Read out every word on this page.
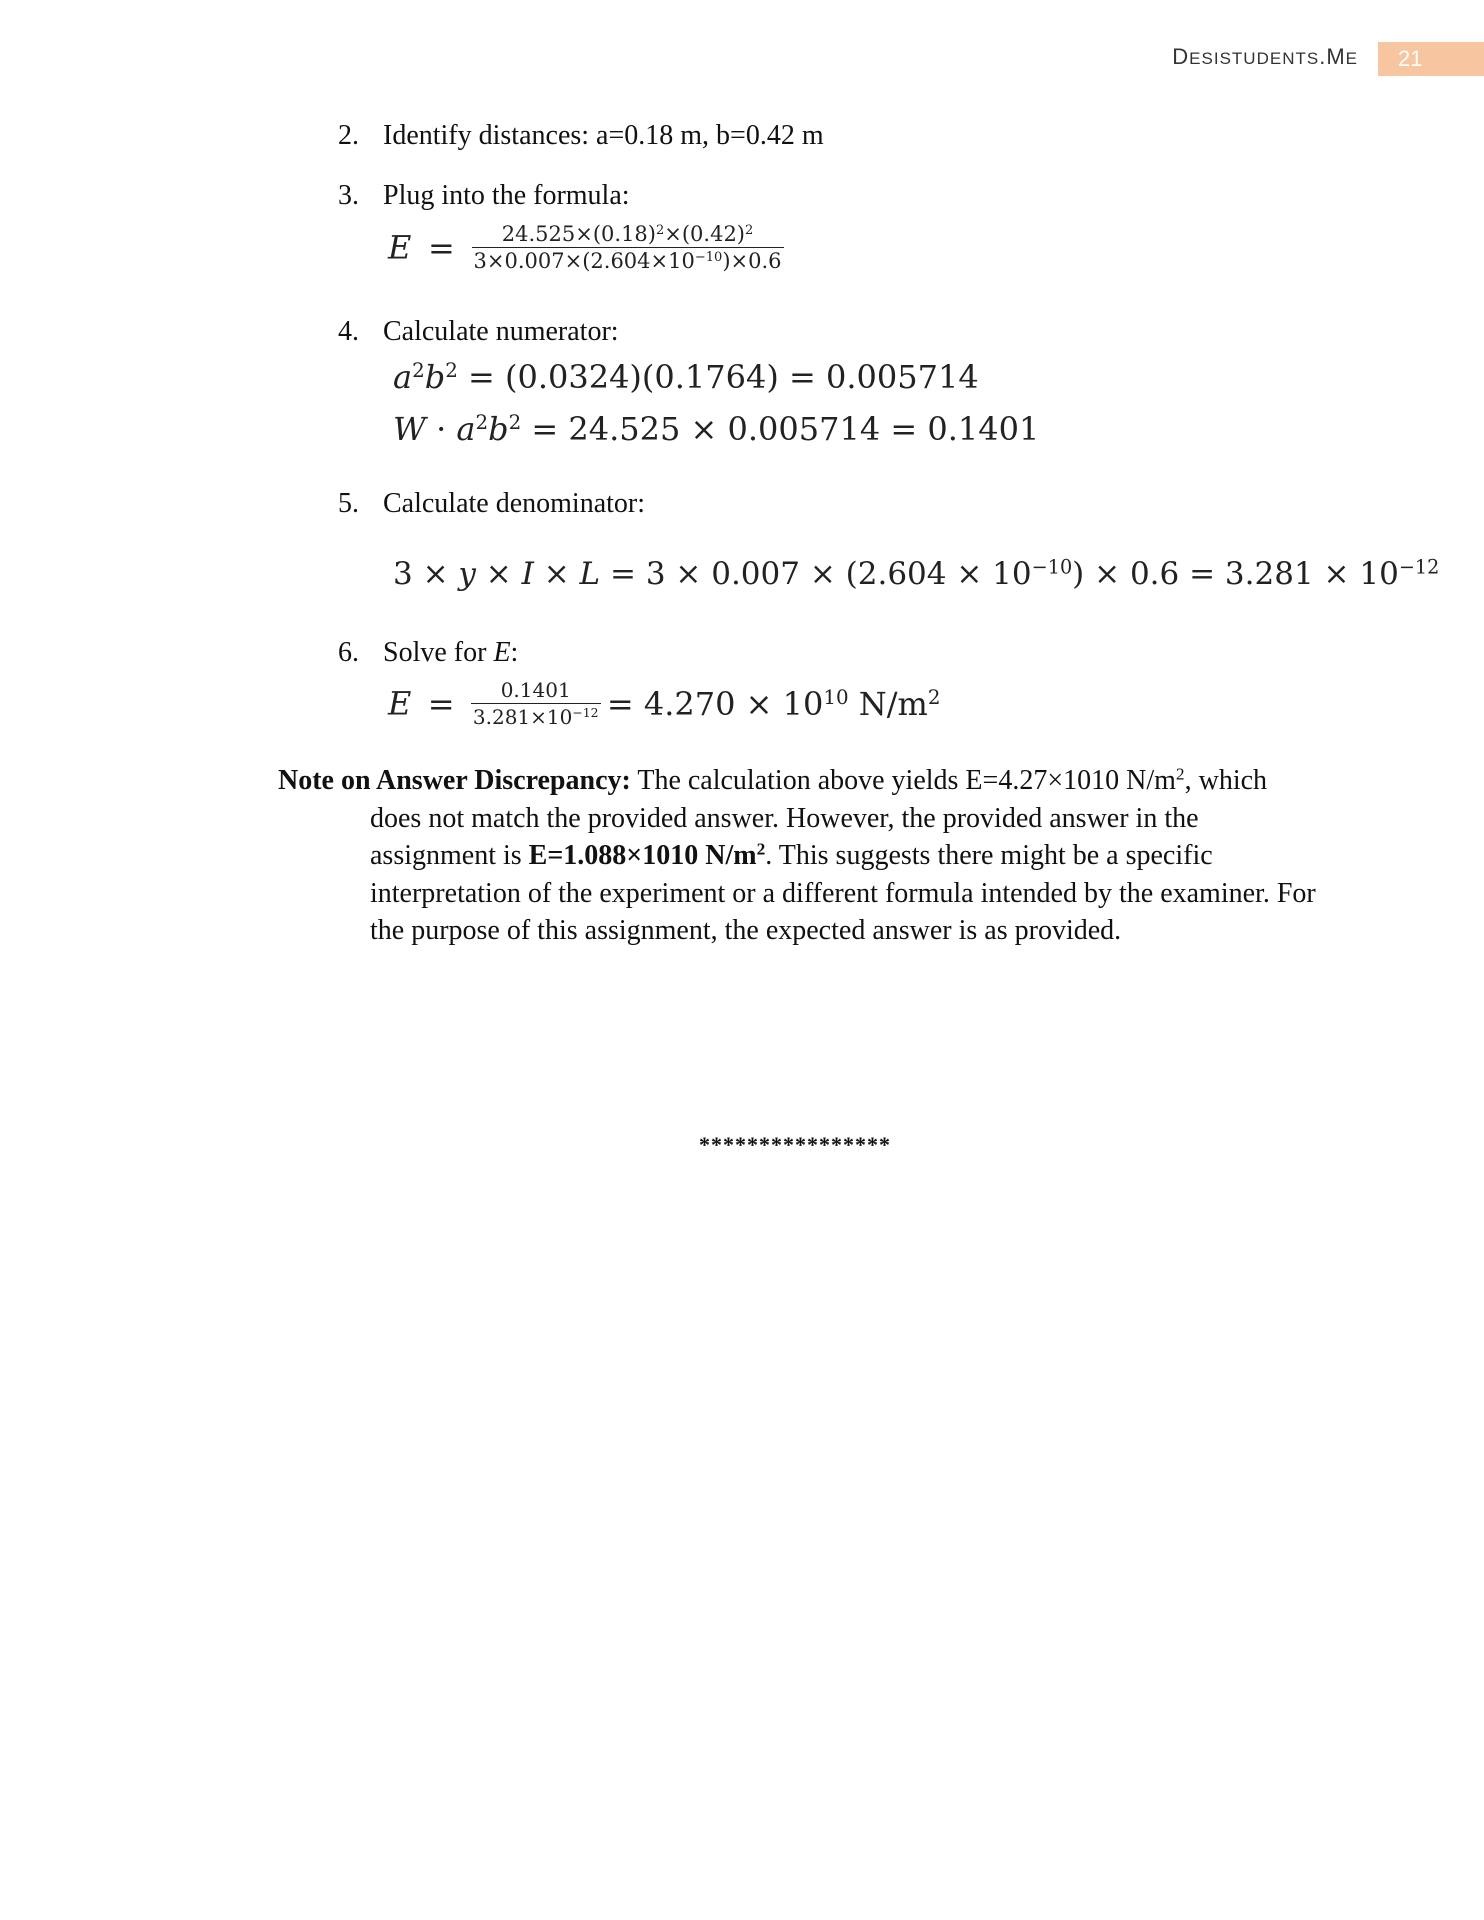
DESISTUDENTS.ME	21
2. Identify distances: a=0.18 m, b=0.42 m
3. Plug into the formula:
$E = \frac{24.525\times(0.18)^2\times(0.42)^2}{3\times 0.007\times(2.604\times 10^{-10})\times 0.6}$
4. Calculate numerator:
$a^2b^2 = (0.0324)(0.1764) = 0.005714$
$W \cdot a^2b^2 = 24.525 \times 0.005714 = 0.1401$
5. Calculate denominator:
$3 \times y \times I \times L = 3 \times 0.007 \times (2.604 \times 10^{-10}) \times 0.6 = 3.281 \times 10^{-12}$
6. Solve for E:
$E = \frac{0.1401}{3.281\times 10^{-12}} = 4.270 \times 10^{10}$ $N/m^2$
Note on Answer Discrepancy: The calculation above yields E=4.27×1010 $N/m^2$, which does not match the provided answer. However, the provided answer in the assignment is E=1.088×1010 $N/m^2$. This suggests there might be a specific interpretation of the experiment or a different formula intended by the examiner. For the purpose of this assignment, the expected answer is as provided.
****************
